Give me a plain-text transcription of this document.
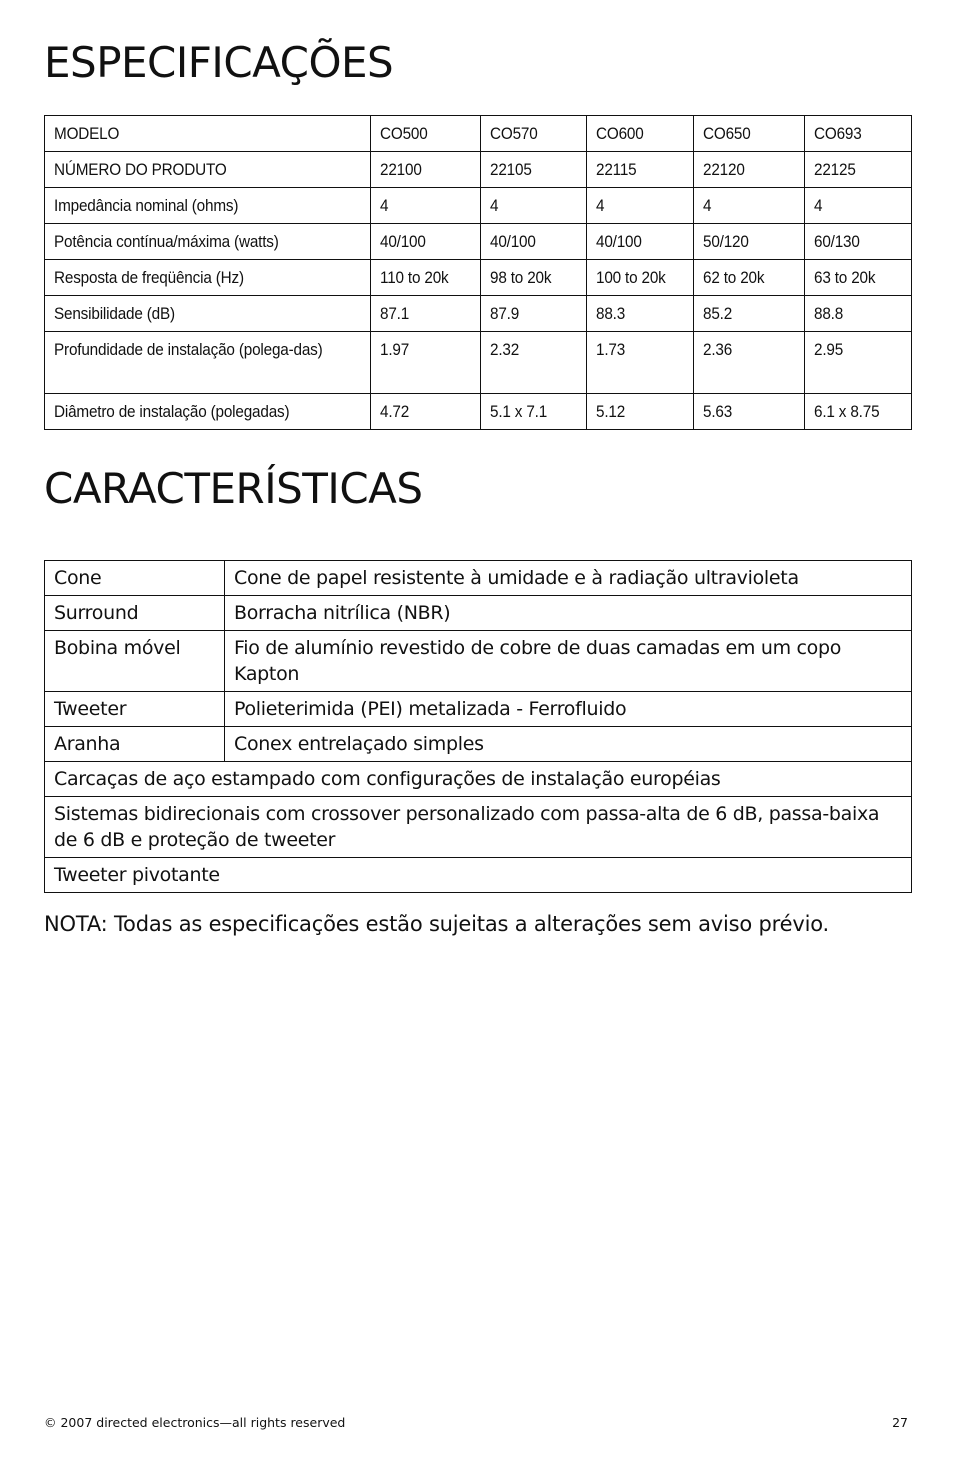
ESPECIFICAÇÕES
MODELO	CO500	CO570	CO600	CO650	CO693
NÚMERO DO PRODUTO	22100	22105	22115	22120	22125
Impedância nominal (ohms)	4	4	4	4	4
Potência contínua/máxima (watts)	40/100	40/100	40/100	50/120	60/130
Resposta de freqüência (Hz)	110 to 20k	98 to 20k	100 to 20k	62 to 20k	63 to 20k
Sensibilidade (dB)	87.1	87.9	88.3	85.2	88.8

Profundidade de instalação (polega-das)	1.97	2.32	1.73	2.36	2.95
Diâmetro de instalação (polegadas)	4.72	5.1 x 7.1	5.12	5.63	6.1 x 8.75
CARACTERÍSTICAS
Cone	Cone de papel resistente à umidade e à radiação ultravioleta
Surround	Borracha nitrílica (NBR)
Bobina móvel	Fio de alumínio revestido de cobre de duas camadas em um copo Kapton
Tweeter	Polieterimida (PEI) metalizada - Ferrofluido
Aranha	Conex entrelaçado simples
Carcaças de aço estampado com configurações de instalação européias	
Sistemas bidirecionais com crossover personalizado com passa-alta de 6 dB, passa-baixa de 6 dB e proteção de tweeter	
Tweeter pivotante	

NOTA: Todas as especificações estão sujeitas a alterações sem aviso prévio.

© 2007 directed electronics—all rights reserved	27
